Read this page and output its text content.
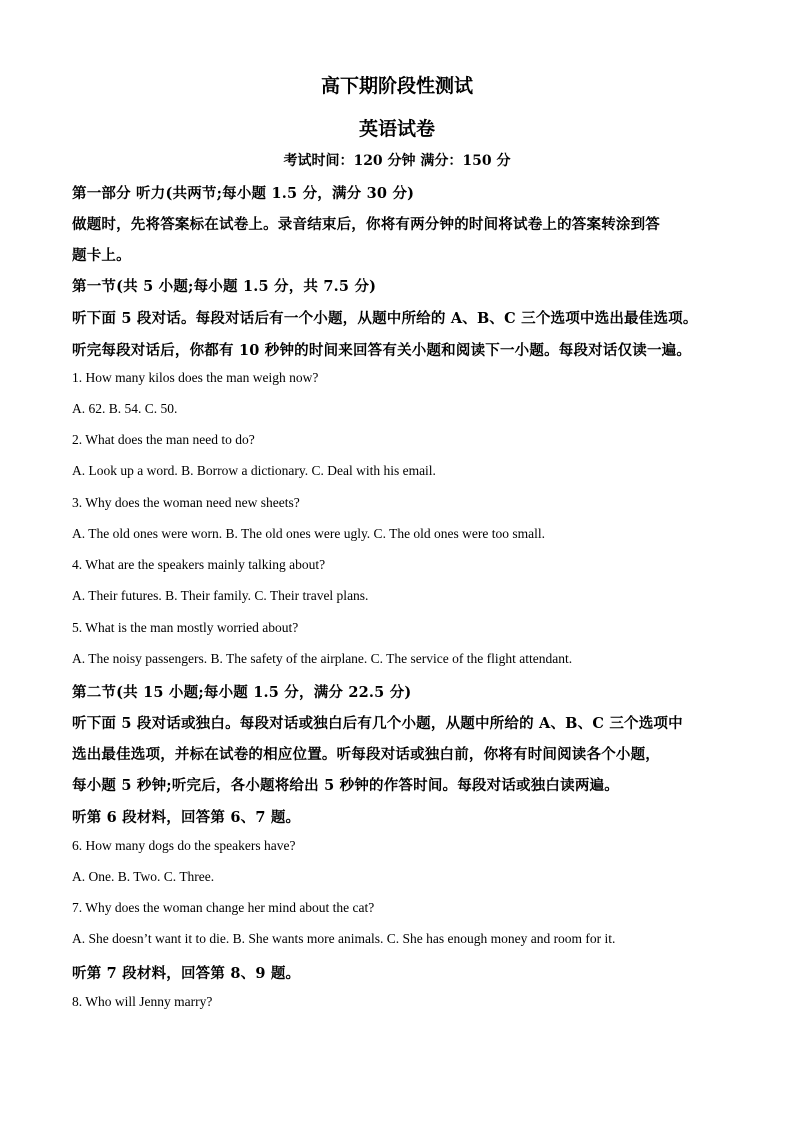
高下期阶段性测试
英语试卷
考试时间：120 分钟 满分：150 分
第一部分 听力(共两节;每小题 1.5 分，满分 30 分)
做题时，先将答案标在试卷上。录音结束后，你将有两分钟的时间将试卷上的答案转涂到答
题卡上。
第一节(共 5 小题;每小题 1.5 分，共 7.5 分)
听下面 5 段对话。每段对话后有一个小题，从题中所给的 A、B、C 三个选项中选出最佳选项。
听完每段对话后，你都有 10 秒钟的时间来回答有关小题和阅读下一小题。每段对话仅读一遍。
1. How many kilos does the man weigh now?
A. 62. B. 54. C. 50.
2. What does the man need to do?
A. Look up a word. B. Borrow a dictionary. C. Deal with his email.
3. Why does the woman need new sheets?
A. The old ones were worn. B. The old ones were ugly. C. The old ones were too small.
4. What are the speakers mainly talking about?
A. Their futures. B. Their family. C. Their travel plans.
5. What is the man mostly worried about?
A. The noisy passengers. B. The safety of the airplane. C. The service of the flight attendant.
第二节(共 15 小题;每小题 1.5 分，满分 22.5 分)
听下面 5 段对话或独白。每段对话或独白后有几个小题，从题中所给的 A、B、C 三个选项中
选出最佳选项，并标在试卷的相应位置。听每段对话或独白前，你将有时间阅读各个小题，
每小题 5 秒钟;听完后，各小题将给出 5 秒钟的作答时间。每段对话或独白读两遍。
听第 6 段材料，回答第 6、7 题。
6. How many dogs do the speakers have?
A. One. B. Two. C. Three.
7. Why does the woman change her mind about the cat?
A. She doesn’t want it to die. B. She wants more animals. C. She has enough money and room for it.
听第 7 段材料，回答第 8、9 题。
8. Who will Jenny marry?
